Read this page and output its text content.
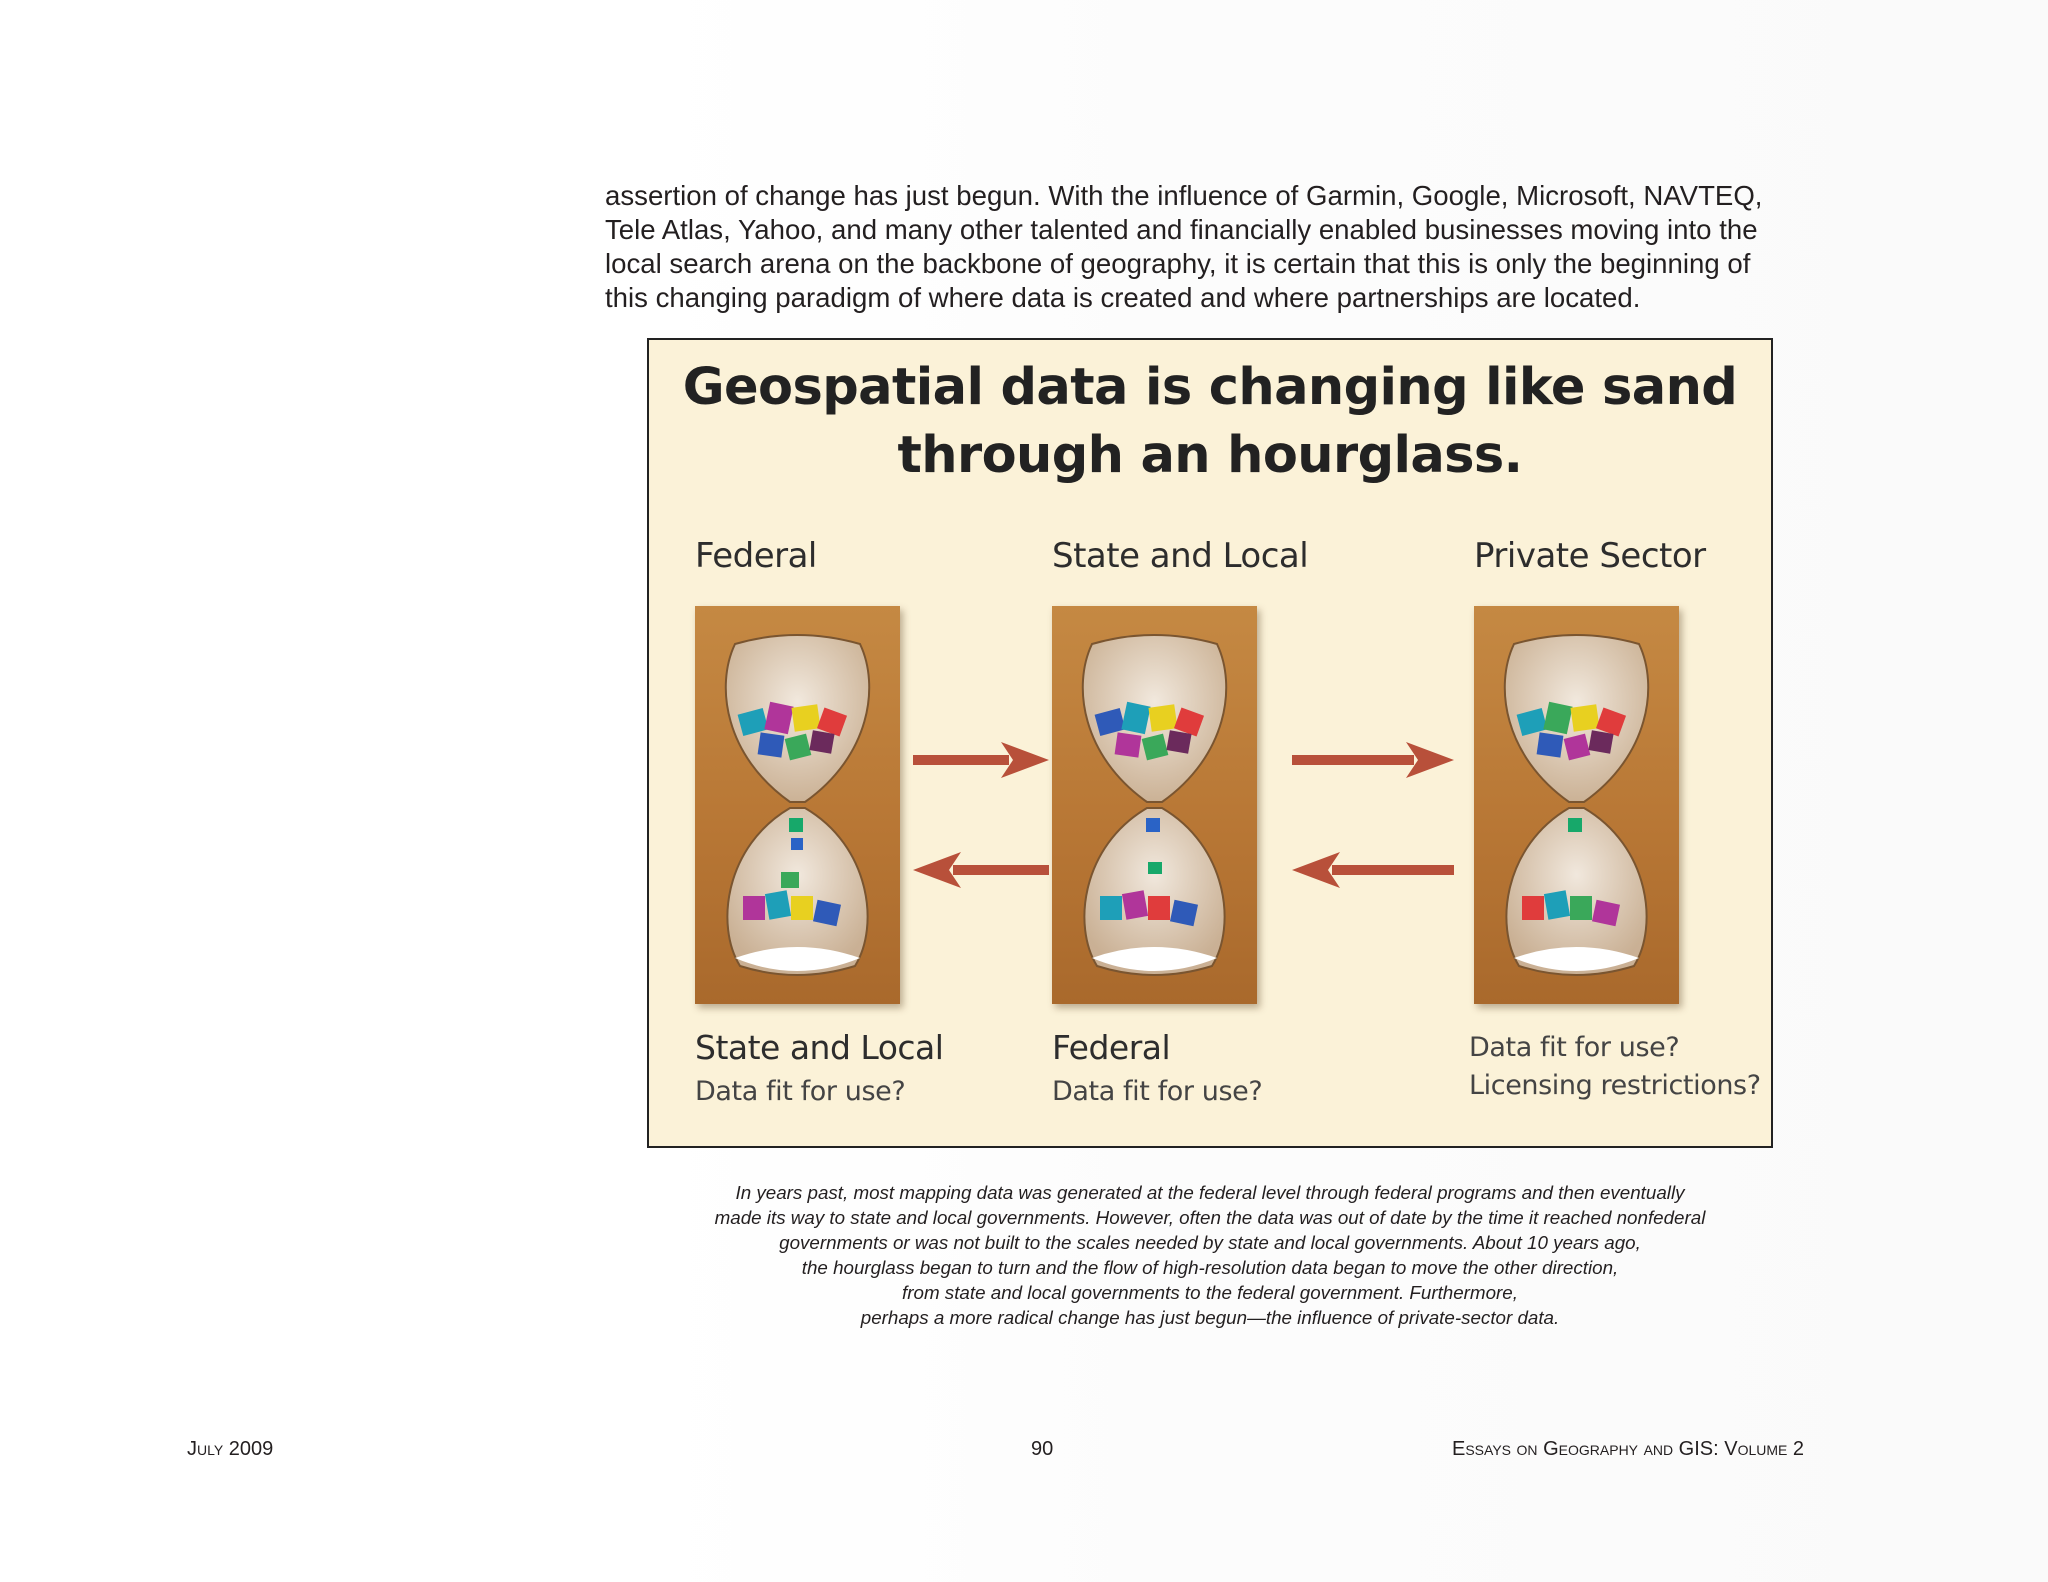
assertion of change has just begun. With the influence of Garmin, Google, Microsoft, NAVTEQ,
Tele Atlas, Yahoo, and many other talented and financially enabled businesses moving into the
local search arena on the backbone of geography, it is certain that this is only the beginning of
this changing paradigm of where data is created and where partnerships are located.
Geospatial data is changing like sand
through an hourglass.
Federal	State and Local	Private Sector
State and Local
Data fit for use?
Federal
Data fit for use?
Data fit for use?
Licensing restrictions?
In years past, most mapping data was generated at the federal level through federal programs and then eventually
made its way to state and local governments. However, often the data was out of date by the time it reached nonfederal
governments or was not built to the scales needed by state and local governments. About 10 years ago,
the hourglass began to turn and the flow of high-resolution data began to move the other direction,
from state and local governments to the federal government. Furthermore,
perhaps a more radical change has just begun—the influence of private-sector data.
July 2009	90	Essays on Geography and GIS: Volume 2
